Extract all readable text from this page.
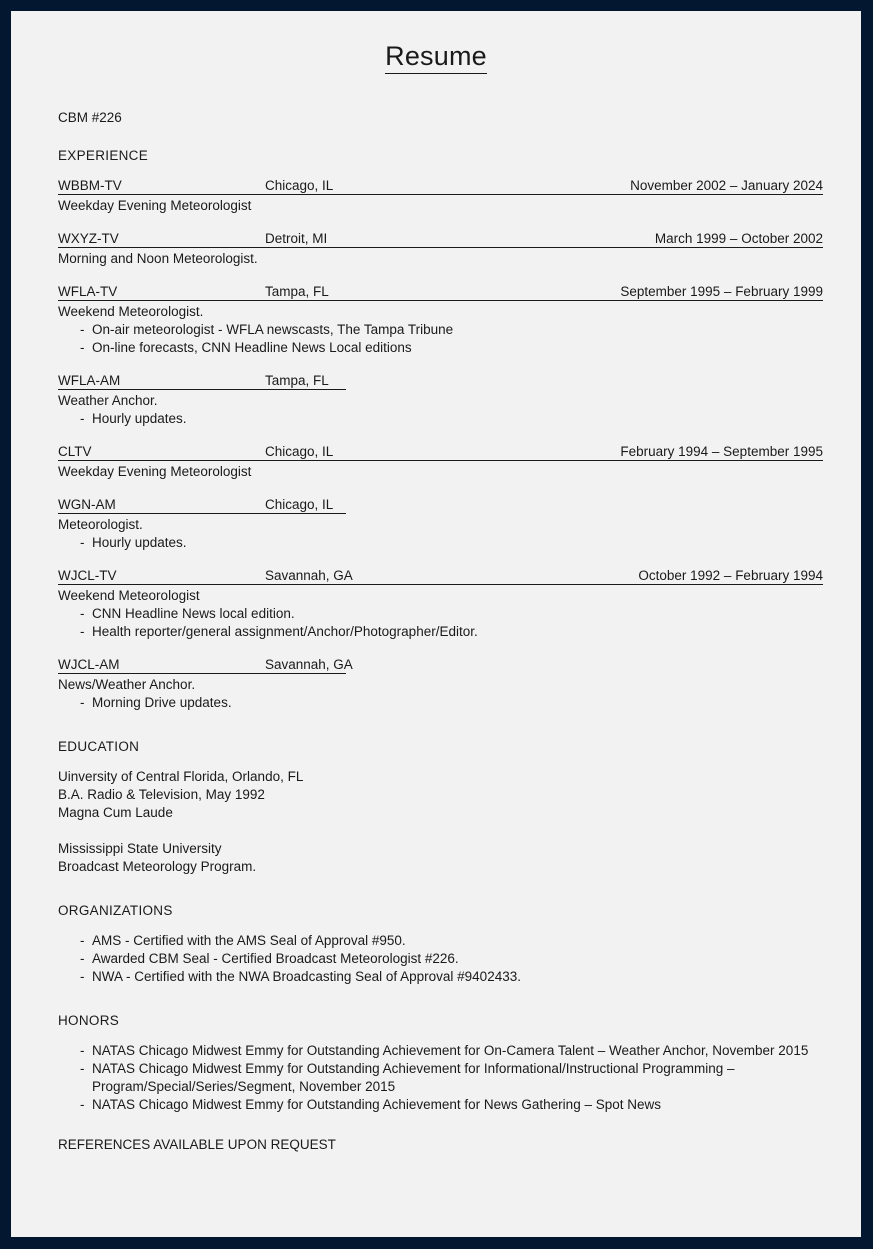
Resume

CBM #226

EXPERIENCE

WBBM-TV	Chicago, IL	November 2002 – January 2024

Weekday Evening Meteorologist

WXYZ-TV	Detroit, MI	March 1999 – October 2002

Morning and Noon Meteorologist.

WFLA-TV	Tampa, FL	September 1995 – February 1999

Weekend Meteorologist.

- On-air meteorologist - WFLA newscasts, The Tampa Tribune
- On-line forecasts, CNN Headline News Local editions
WFLA-AM	Tampa, FL

Weather Anchor.

- Hourly updates.
CLTV	Chicago, IL	February 1994 – September 1995

Weekday Evening Meteorologist

WGN-AM	Chicago, IL

Meteorologist.

- Hourly updates.
WJCL-TV	Savannah, GA	October 1992 – February 1994

Weekend Meteorologist

- CNN Headline News local edition.
- Health reporter/general assignment/Anchor/Photographer/Editor.
WJCL-AM	Savannah, GA

News/Weather Anchor.

- Morning Drive updates.

EDUCATION

Uinversity of Central Florida, Orlando, FL

B.A. Radio & Television, May 1992

Magna Cum Laude

Mississippi State University

Broadcast Meteorology Program.

ORGANIZATIONS

- AMS - Certified with the AMS Seal of Approval #950.
- Awarded CBM Seal - Certified Broadcast Meteorologist #226.
- NWA - Certified with the NWA Broadcasting Seal of Approval #9402433.

HONORS

- NATAS Chicago Midwest Emmy for Outstanding Achievement for On-Camera Talent – Weather Anchor, November 2015
- NATAS Chicago Midwest Emmy for Outstanding Achievement for Informational/Instructional Programming – Program/Special/Series/Segment, November 2015
- NATAS Chicago Midwest Emmy for Outstanding Achievement for News Gathering – Spot News

REFERENCES AVAILABLE UPON REQUEST
